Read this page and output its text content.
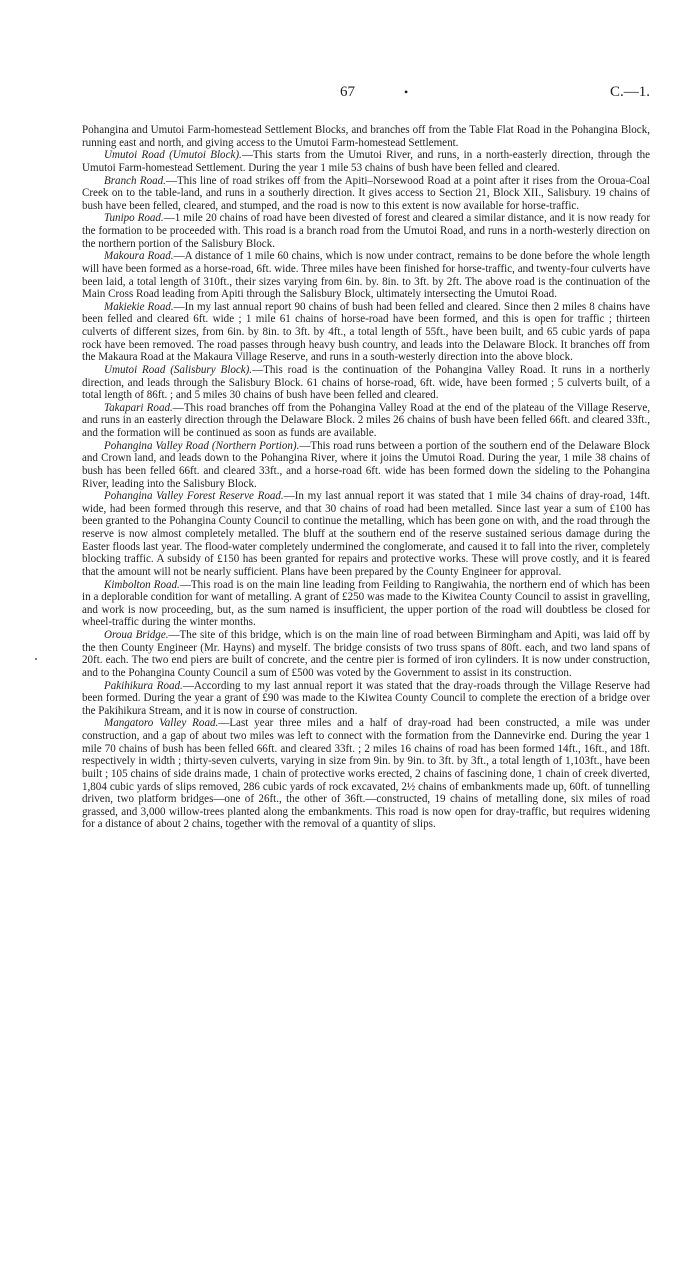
67	•	C.—1.

Pohangina and Umutoi Farm-homestead Settlement Blocks, and branches off from the Table Flat Road in the Pohangina Block, running east and north, and giving access to the Umutoi Farm-homestead Settlement.

Umutoi Road (Umutoi Block).—This starts from the Umutoi River, and runs, in a north-easterly direction, through the Umutoi Farm-homestead Settlement. During the year 1 mile 53 chains of bush have been felled and cleared.

Branch Road.—This line of road strikes off from the Apiti–Norsewood Road at a point after it rises from the Oroua-Coal Creek on to the table-land, and runs in a southerly direction. It gives access to Section 21, Block XII., Salisbury. 19 chains of bush have been felled, cleared, and stumped, and the road is now to this extent is now available for horse-traffic.

Tunipo Road.—1 mile 20 chains of road have been divested of forest and cleared a similar distance, and it is now ready for the formation to be proceeded with. This road is a branch road from the Umutoi Road, and runs in a north-westerly direction on the northern portion of the Salisbury Block.

Makoura Road.—A distance of 1 mile 60 chains, which is now under contract, remains to be done before the whole length will have been formed as a horse-road, 6ft. wide. Three miles have been finished for horse-traffic, and twenty-four culverts have been laid, a total length of 310ft., their sizes varying from 6in. by. 8in. to 3ft. by 2ft. The above road is the continuation of the Main Cross Road leading from Apiti through the Salisbury Block, ultimately intersecting the Umutoi Road.

Makiekie Road.—In my last annual report 90 chains of bush had been felled and cleared. Since then 2 miles 8 chains have been felled and cleared 6ft. wide ; 1 mile 61 chains of horse-road have been formed, and this is open for traffic ; thirteen culverts of different sizes, from 6in. by 8in. to 3ft. by 4ft., a total length of 55ft., have been built, and 65 cubic yards of papa rock have been removed. The road passes through heavy bush country, and leads into the Delaware Block. It branches off from the Makaura Road at the Makaura Village Reserve, and runs in a south-westerly direction into the above block.

Umutoi Road (Salisbury Block).—This road is the continuation of the Pohangina Valley Road. It runs in a northerly direction, and leads through the Salisbury Block. 61 chains of horse-road, 6ft. wide, have been formed ; 5 culverts built, of a total length of 86ft. ; and 5 miles 30 chains of bush have been felled and cleared.

Takapari Road.—This road branches off from the Pohangina Valley Road at the end of the plateau of the Village Reserve, and runs in an easterly direction through the Delaware Block. 2 miles 26 chains of bush have been felled 66ft. and cleared 33ft., and the formation will be continued as soon as funds are available.

Pohangina Valley Road (Northern Portion).—This road runs between a portion of the southern end of the Delaware Block and Crown land, and leads down to the Pohangina River, where it joins the Umutoi Road. During the year, 1 mile 38 chains of bush has been felled 66ft. and cleared 33ft., and a horse-road 6ft. wide has been formed down the sideling to the Pohangina River, leading into the Salisbury Block.

Pohangina Valley Forest Reserve Road.—In my last annual report it was stated that 1 mile 34 chains of dray-road, 14ft. wide, had been formed through this reserve, and that 30 chains of road had been metalled. Since last year a sum of £100 has been granted to the Pohangina County Council to continue the metalling, which has been gone on with, and the road through the reserve is now almost completely metalled. The bluff at the southern end of the reserve sustained serious damage during the Easter floods last year. The flood-water completely undermined the conglomerate, and caused it to fall into the river, completely blocking traffic. A subsidy of £150 has been granted for repairs and protective works. These will prove costly, and it is feared that the amount will not be nearly sufficient. Plans have been prepared by the County Engineer for approval.

Kimbolton Road.—This road is on the main line leading from Feilding to Rangiwahia, the northern end of which has been in a deplorable condition for want of metalling. A grant of £250 was made to the Kiwitea County Council to assist in gravelling, and work is now proceeding, but, as the sum named is insufficient, the upper portion of the road will doubtless be closed for wheel-traffic during the winter months.

Oroua Bridge.—The site of this bridge, which is on the main line of road between Birmingham and Apiti, was laid off by the then County Engineer (Mr. Hayns) and myself. The bridge consists of two truss spans of 80ft. each, and two land spans of 20ft. each. The two end piers are built of concrete, and the centre pier is formed of iron cylinders. It is now under construction, and to the Pohangina County Council a sum of £500 was voted by the Government to assist in its construction.

Pakihikura Road.—According to my last annual report it was stated that the dray-roads through the Village Reserve had been formed. During the year a grant of £90 was made to the Kiwitea County Council to complete the erection of a bridge over the Pakihikura Stream, and it is now in course of construction.

Mangatoro Valley Road.—Last year three miles and a half of dray-road had been constructed, a mile was under construction, and a gap of about two miles was left to connect with the formation from the Dannevirke end. During the year 1 mile 70 chains of bush has been felled 66ft. and cleared 33ft. ; 2 miles 16 chains of road has been formed 14ft., 16ft., and 18ft. respectively in width ; thirty-seven culverts, varying in size from 9in. by 9in. to 3ft. by 3ft., a total length of 1,103ft., have been built ; 105 chains of side drains made, 1 chain of protective works erected, 2 chains of fascining done, 1 chain of creek diverted, 1,804 cubic yards of slips removed, 286 cubic yards of rock excavated, 2½ chains of embankments made up, 60ft. of tunnelling driven, two platform bridges—one of 26ft., the other of 36ft.—constructed, 19 chains of metalling done, six miles of road grassed, and 3,000 willow-trees planted along the embankments. This road is now open for dray-traffic, but requires widening for a distance of about 2 chains, together with the removal of a quantity of slips.
